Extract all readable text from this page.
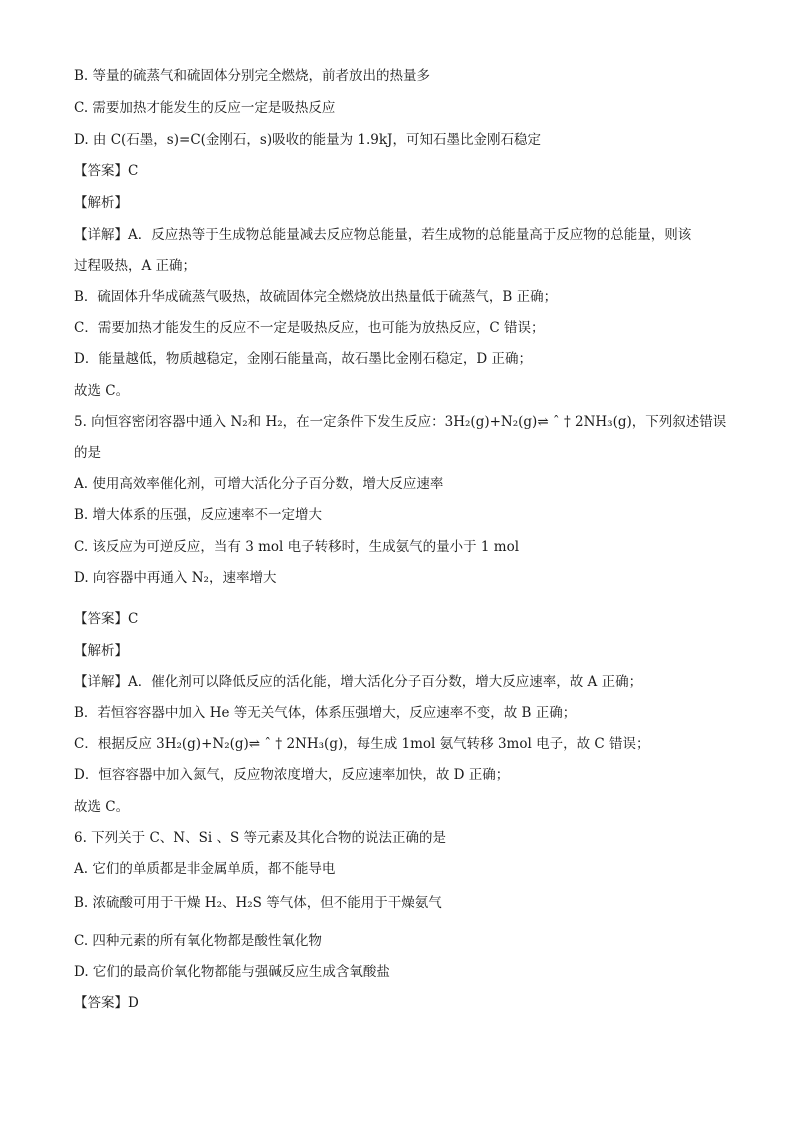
B. 等量的硫蒸气和硫固体分别完全燃烧，前者放出的热量多
C. 需要加热才能发生的反应一定是吸热反应
D. 由 C(石墨，s)=C(金刚石，s)吸收的能量为 1.9kJ，可知石墨比金刚石稳定
【答案】C
【解析】
【详解】A．反应热等于生成物总能量减去反应物总能量，若生成物的总能量高于反应物的总能量，则该
过程吸热，A 正确；
B．硫固体升华成硫蒸气吸热，故硫固体完全燃烧放出热量低于硫蒸气，B 正确；
C．需要加热才能发生的反应不一定是吸热反应，也可能为放热反应，C 错误；
D．能量越低，物质越稳定，金刚石能量高，故石墨比金刚石稳定，D 正确；
故选 C。
5. 向恒容密闭容器中通入 N₂和 H₂，在一定条件下发生反应：3H₂(g)+N₂(g)⇌ ˆ † 2NH₃(g)，下列叙述错误
的是
A. 使用高效率催化剂，可增大活化分子百分数，增大反应速率
B. 增大体系的压强，反应速率不一定增大
C. 该反应为可逆反应，当有 3 mol 电子转移时，生成氨气的量小于 1 mol
D. 向容器中再通入 N₂，速率增大
【答案】C
【解析】
【详解】A．催化剂可以降低反应的活化能，增大活化分子百分数，增大反应速率，故 A 正确；
B．若恒容容器中加入 He 等无关气体，体系压强增大，反应速率不变，故 B 正确；
C．根据反应 3H₂(g)+N₂(g)⇌ ˆ † 2NH₃(g)，每生成 1mol 氨气转移 3mol 电子，故 C 错误；
D．恒容容器中加入氮气，反应物浓度增大，反应速率加快，故 D 正确；
故选 C。
6. 下列关于 C、N、Si 、S 等元素及其化合物的说法正确的是
A. 它们的单质都是非金属单质，都不能导电
B. 浓硫酸可用于干燥 H₂、H₂S 等气体，但不能用于干燥氨气
C. 四种元素的所有氧化物都是酸性氧化物
D. 它们的最高价氧化物都能与强碱反应生成含氧酸盐
【答案】D
